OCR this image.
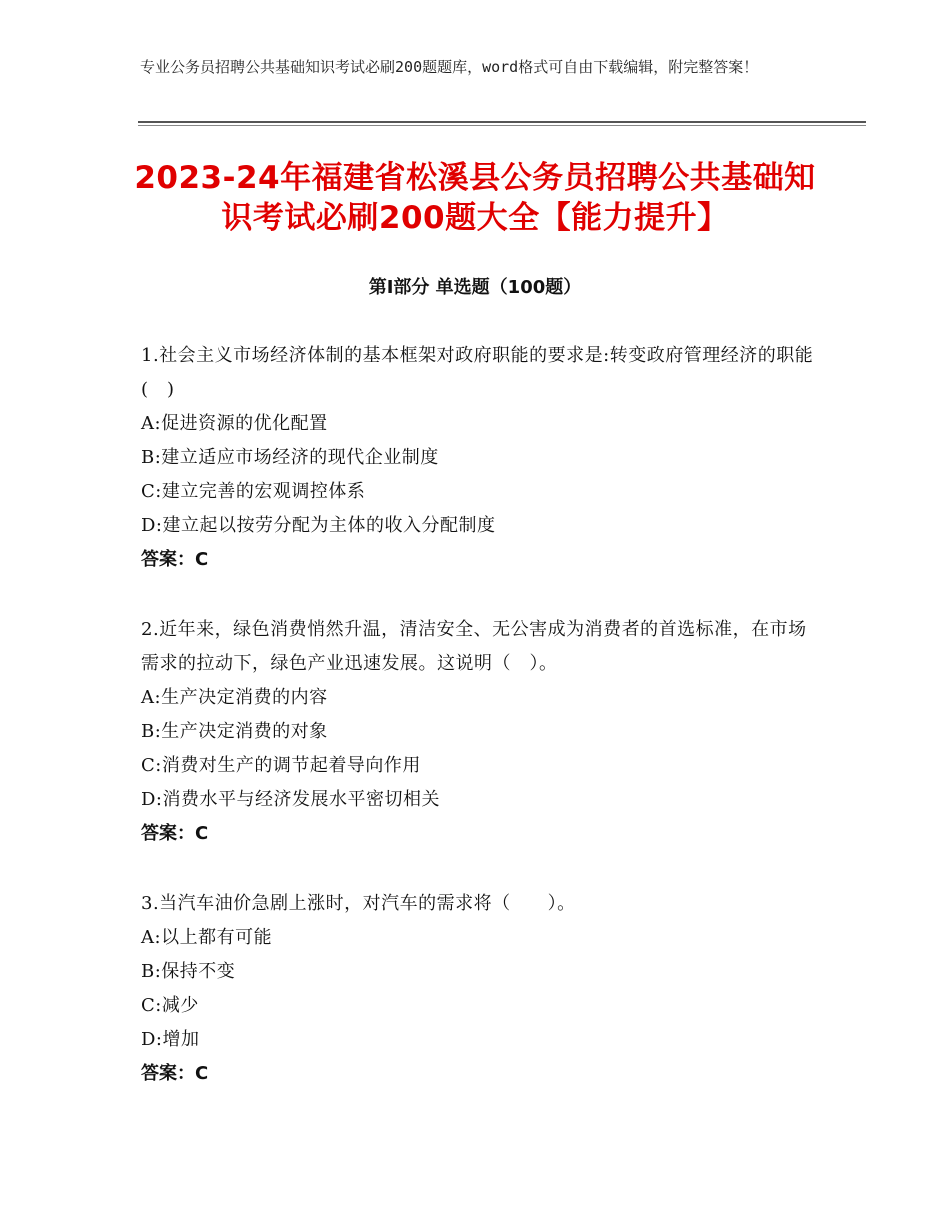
专业公务员招聘公共基础知识考试必刷200题题库，word格式可自由下载编辑，附完整答案！
2023-24年福建省松溪县公务员招聘公共基础知识考试必刷200题大全【能力提升】
第Ⅰ部分 单选题（100题）
1.社会主义市场经济体制的基本框架对政府职能的要求是:转变政府管理经济的职能(　)
A:促进资源的优化配置
B:建立适应市场经济的现代企业制度
C:建立完善的宏观调控体系
D:建立起以按劳分配为主体的收入分配制度
答案：C
2.近年来，绿色消费悄然升温，清洁安全、无公害成为消费者的首选标准，在市场需求的拉动下，绿色产业迅速发展。这说明（　）。
A:生产决定消费的内容
B:生产决定消费的对象
C:消费对生产的调节起着导向作用
D:消费水平与经济发展水平密切相关
答案：C
3.当汽车油价急剧上涨时，对汽车的需求将（　　）。
A:以上都有可能
B:保持不变
C:减少
D:增加
答案：C
